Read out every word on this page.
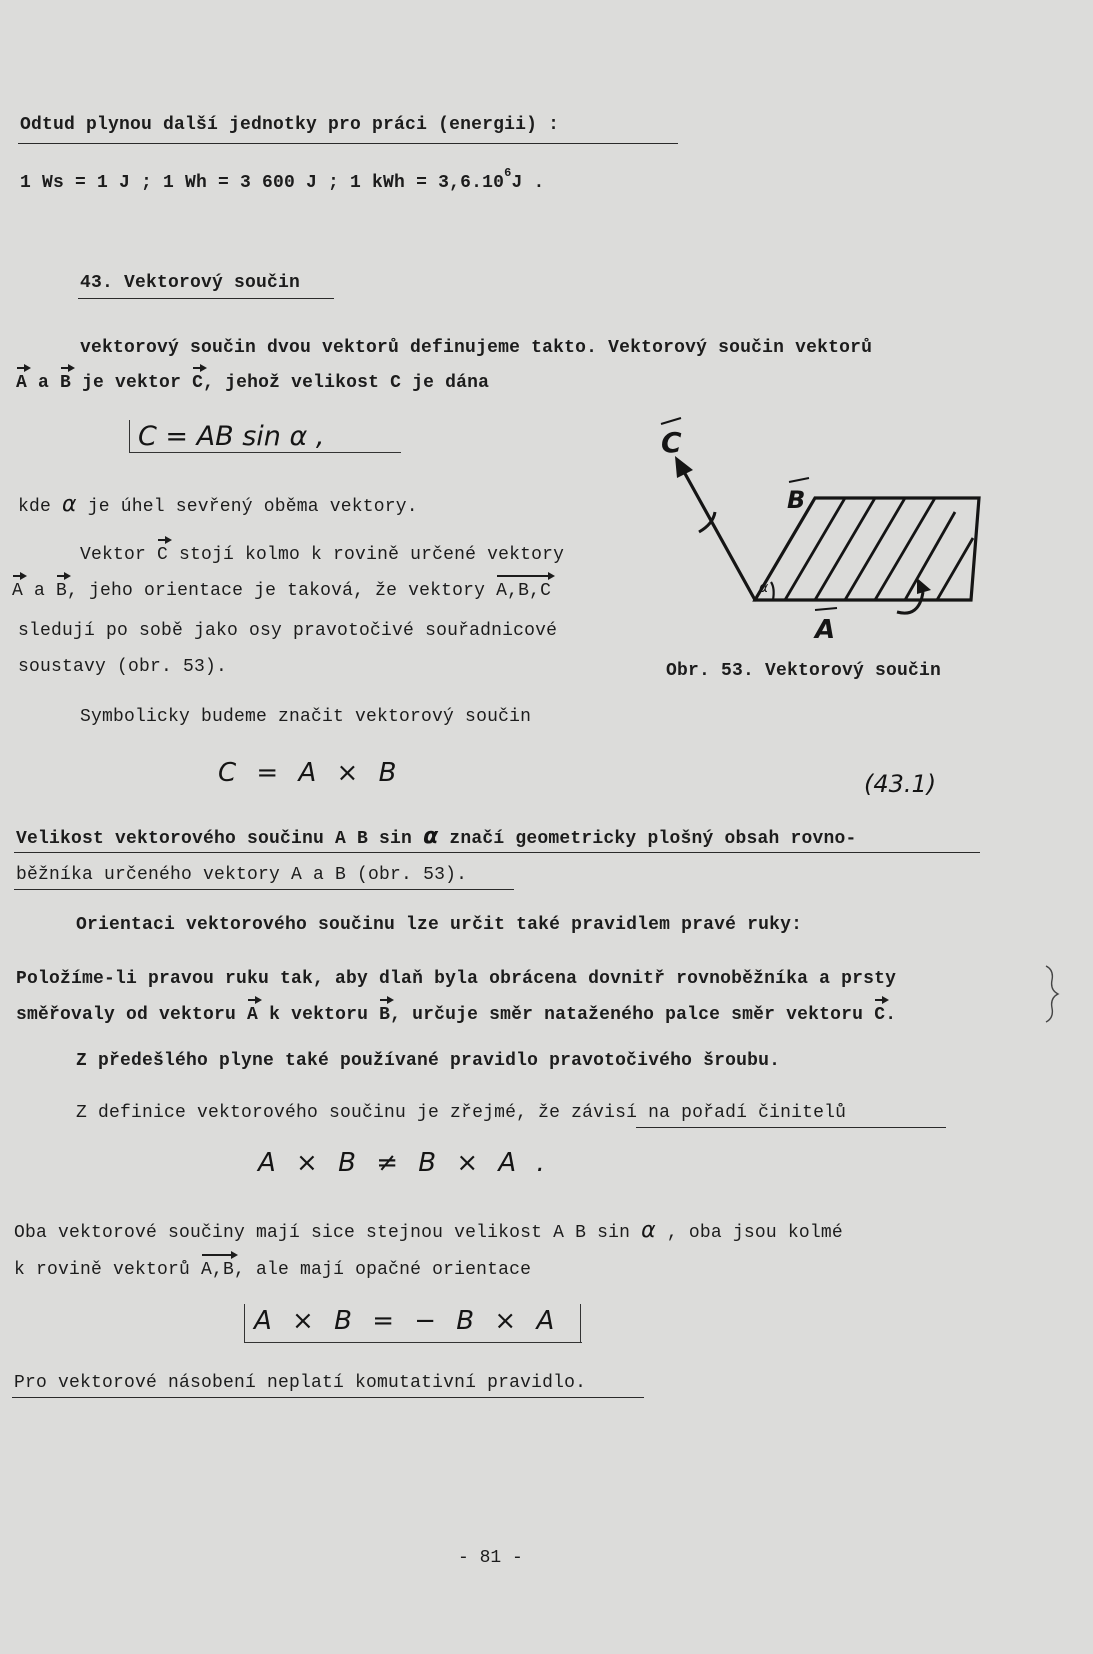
Odtud plynou další jednotky pro práci (energii) :
1 Ws = 1 J ; 1 Wh = 3 600 J ; 1 kWh = $3,6.10^6J$ .
43. Vektorový součin
vektorový součin dvou vektorů definujeme takto. Vektorový součin vektorů
A a B je vektor C, jehož velikost C je dána
C = AB sin α ,
kde α je úhel sevřený oběma vektory.
Vektor C stojí kolmo k rovině určené vektory
A a B, jeho orientace je taková, že vektory A,B,C
sledují po sobě jako osy pravotočivé souřadnicové
soustavy (obr. 53).
α
C
B
A
Obr. 53. Vektorový součin
Symbolicky budeme značit vektorový součin
C = A × B	(43.1)
Velikost vektorového součinu A B sin α značí geometricky plošný obsah rovno-
běžníka určeného vektory A a B (obr. 53).
Orientaci vektorového součinu lze určit také pravidlem pravé ruky:
Položíme-li pravou ruku tak, aby dlaň byla obrácena dovnitř rovnoběžníka a prsty
směřovaly od vektoru A k vektoru B, určuje směr nataženého palce směr vektoru C.
Z předešlého plyne také používané pravidlo pravotočivého šroubu.
Z definice vektorového součinu je zřejmé, že závisí na pořadí činitelů
A × B ≠ B × A .
Oba vektorové součiny mají sice stejnou velikost A B sin α , oba jsou kolmé
k rovině vektorů A,B, ale mají opačné orientace
A × B = − B × A
Pro vektorové násobení neplatí komutativní pravidlo.
- 81 -
